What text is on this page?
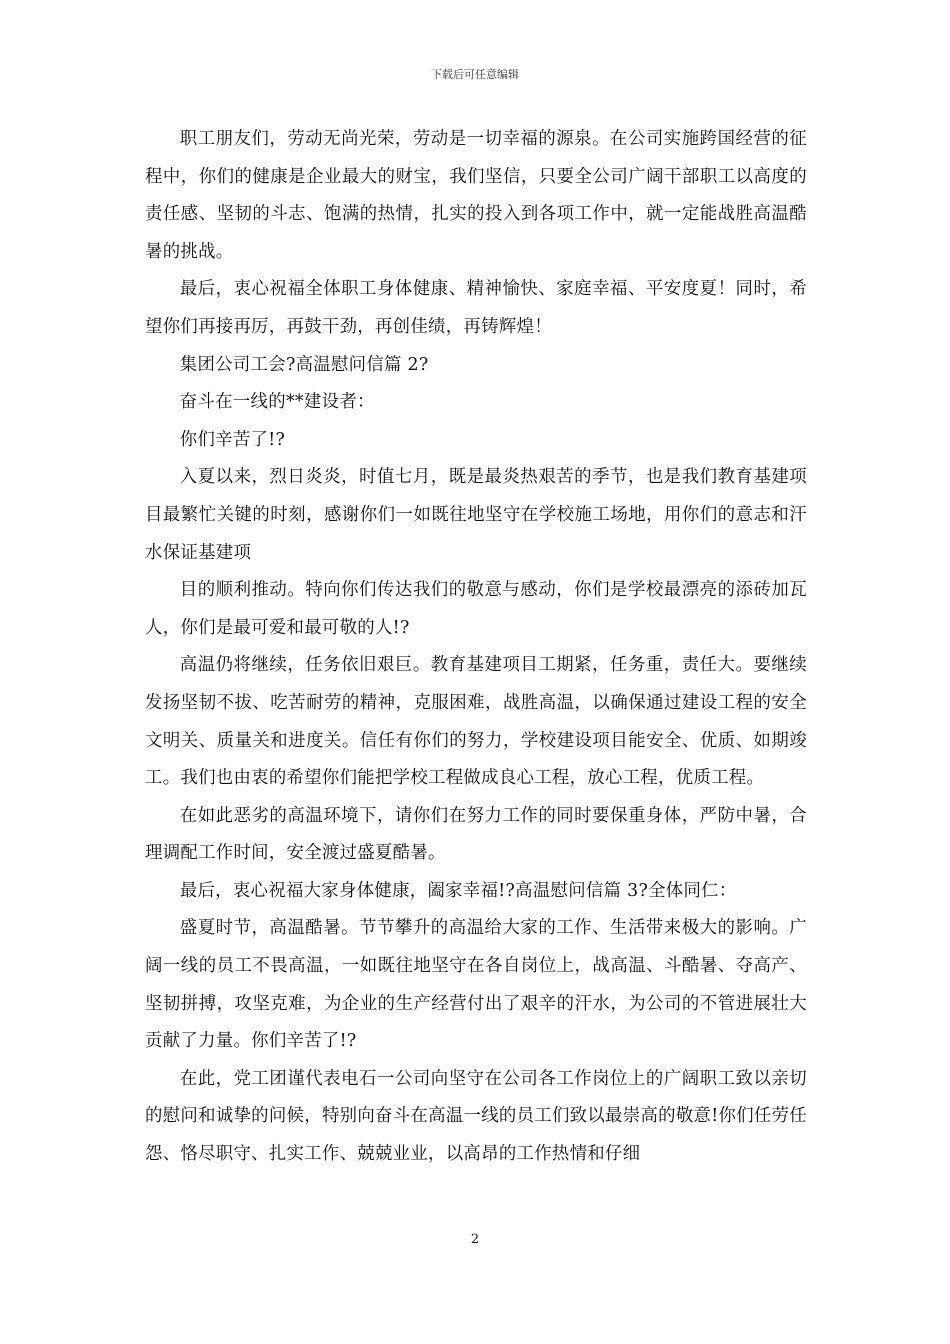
下载后可任意编辑

职工朋友们，劳动无尚光荣，劳动是一切幸福的源泉。在公司实施跨国经营的征程中，你们的健康是企业最大的财宝，我们坚信，只要全公司广阔干部职工以高度的责任感、坚韧的斗志、饱满的热情，扎实的投入到各项工作中，就一定能战胜高温酷暑的挑战。

最后，衷心祝福全体职工身体健康、精神愉快、家庭幸福、平安度夏！同时，希望你们再接再厉，再鼓干劲，再创佳绩，再铸辉煌！

集团公司工会?高温慰问信篇 2?

奋斗在一线的**建设者：

你们辛苦了!?

入夏以来，烈日炎炎，时值七月，既是最炎热艰苦的季节，也是我们教育基建项目最繁忙关键的时刻，感谢你们一如既往地坚守在学校施工场地，用你们的意志和汗水保证基建项

目的顺利推动。特向你们传达我们的敬意与感动，你们是学校最漂亮的添砖加瓦人，你们是最可爱和最可敬的人!?

高温仍将继续，任务依旧艰巨。教育基建项目工期紧，任务重，责任大。要继续发扬坚韧不拔、吃苦耐劳的精神，克服困难，战胜高温，以确保通过建设工程的安全文明关、质量关和进度关。信任有你们的努力，学校建设项目能安全、优质、如期竣工。我们也由衷的希望你们能把学校工程做成良心工程，放心工程，优质工程。

在如此恶劣的高温环境下，请你们在努力工作的同时要保重身体，严防中暑，合理调配工作时间，安全渡过盛夏酷暑。

最后，衷心祝福大家身体健康，阖家幸福!?高温慰问信篇 3?全体同仁：

盛夏时节，高温酷暑。节节攀升的高温给大家的工作、生活带来极大的影响。广阔一线的员工不畏高温，一如既往地坚守在各自岗位上，战高温、斗酷暑、夺高产、坚韧拼搏，攻坚克难，为企业的生产经营付出了艰辛的汗水，为公司的不管进展壮大贡献了力量。你们辛苦了!?

在此，党工团谨代表电石一公司向坚守在公司各工作岗位上的广阔职工致以亲切的慰问和诚挚的问候，特别向奋斗在高温一线的员工们致以最崇高的敬意!你们任劳任怨、恪尽职守、扎实工作、兢兢业业，以高昂的工作热情和仔细

2
